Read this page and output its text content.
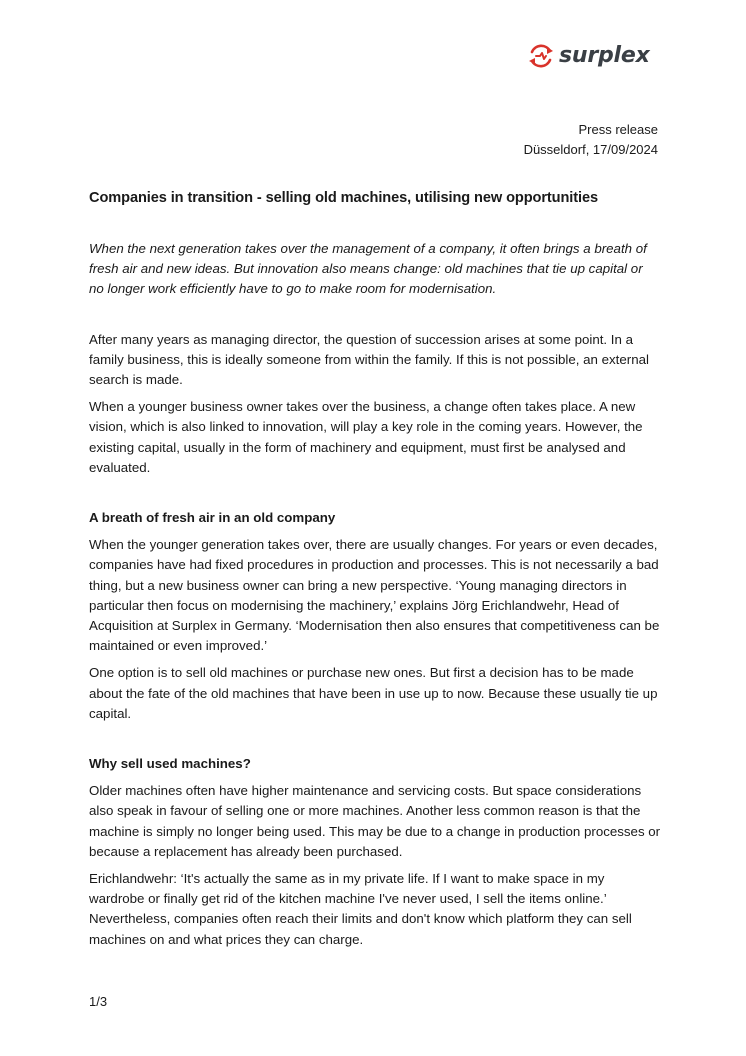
surplex
Press release
Düsseldorf, 17/09/2024
Companies in transition - selling old machines, utilising new opportunities

When the next generation takes over the management of a company, it often brings a breath of fresh air and new ideas. But innovation also means change: old machines that tie up capital or no longer work efficiently have to go to make room for modernisation.

After many years as managing director, the question of succession arises at some point. In a family business, this is ideally someone from within the family. If this is not possible, an external search is made.

When a younger business owner takes over the business, a change often takes place. A new vision, which is also linked to innovation, will play a key role in the coming years. However, the existing capital, usually in the form of machinery and equipment, must first be analysed and evaluated.

A breath of fresh air in an old company

When the younger generation takes over, there are usually changes. For years or even decades, companies have had fixed procedures in production and processes. This is not necessarily a bad thing, but a new business owner can bring a new perspective. ‘Young managing directors in particular then focus on modernising the machinery,’ explains Jörg Erichlandwehr, Head of Acquisition at Surplex in Germany. ‘Modernisation then also ensures that competitiveness can be maintained or even improved.’

One option is to sell old machines or purchase new ones. But first a decision has to be made about the fate of the old machines that have been in use up to now. Because these usually tie up capital.

Why sell used machines?

Older machines often have higher maintenance and servicing costs. But space considerations also speak in favour of selling one or more machines. Another less common reason is that the machine is simply no longer being used. This may be due to a change in production processes or because a replacement has already been purchased.

Erichlandwehr: ‘It's actually the same as in my private life. If I want to make space in my wardrobe or finally get rid of the kitchen machine I've never used, I sell the items online.’ Nevertheless, companies often reach their limits and don't know which platform they can sell machines on and what prices they can charge.

1/3
